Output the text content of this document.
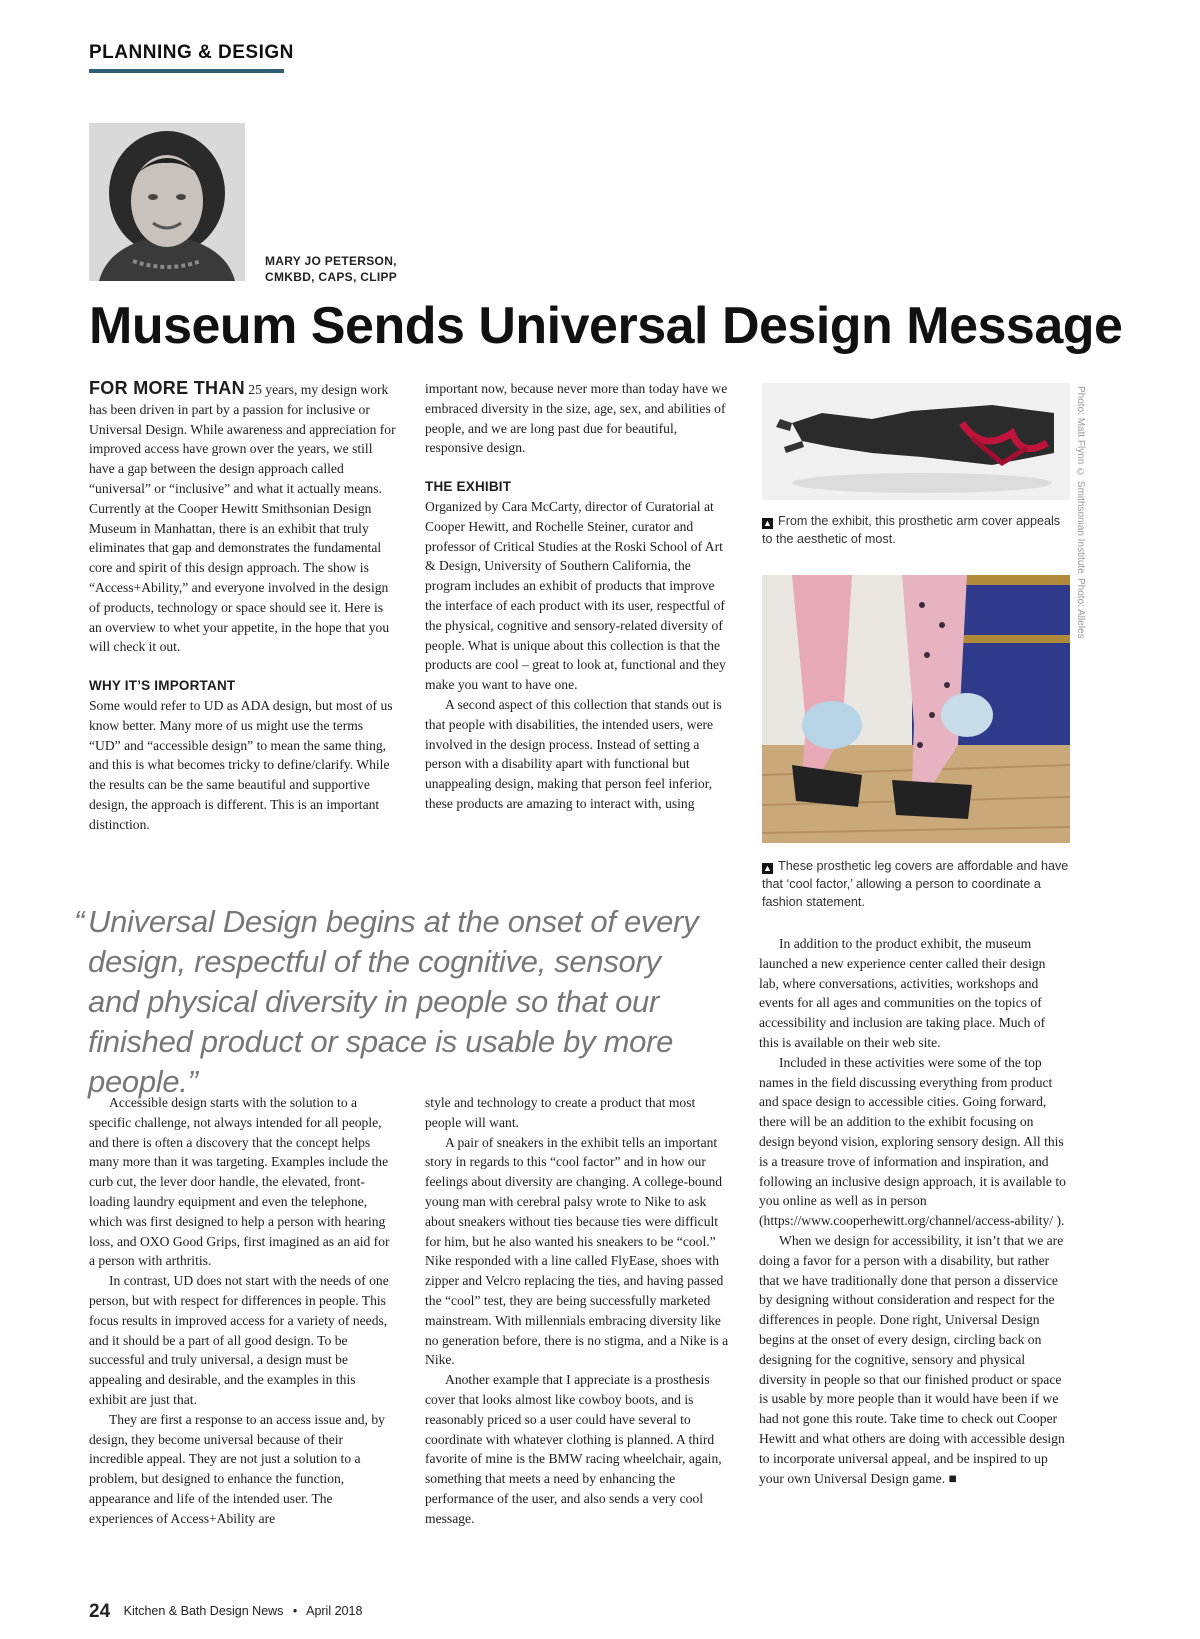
PLANNING & DESIGN
MARY JO PETERSON,
CMKBD, CAPS, CLIPP
Museum Sends Universal Design Message

FOR MORE THAN 25 years, my design work has been driven in part by a passion for inclusive or Universal Design. While awareness and appreciation for improved access have grown over the years, we still have a gap between the design approach called “universal” or “inclusive” and what it actually means. Currently at the Cooper Hewitt Smithsonian Design Museum in Manhattan, there is an exhibit that truly eliminates that gap and demonstrates the fundamental core and spirit of this design approach. The show is “Access+Ability,” and everyone involved in the design of products, technology or space should see it. Here is an overview to whet your appetite, in the hope that you will check it out.

WHY IT’S IMPORTANT

Some would refer to UD as ADA design, but most of us know better. Many more of us might use the terms “UD” and “accessible design” to mean the same thing, and this is what becomes tricky to define/clarify. While the results can be the same beautiful and supportive design, the approach is different. This is an important distinction.

important now, because never more than today have we embraced diversity in the size, age, sex, and abilities of people, and we are long past due for beautiful, responsive design.

THE EXHIBIT

Organized by Cara McCarty, director of Curatorial at Cooper Hewitt, and Rochelle Steiner, curator and professor of Critical Studies at the Roski School of Art & Design, University of Southern California, the program includes an exhibit of products that improve the interface of each product with its user, respectful of the physical, cognitive and sensory-related diversity of people. What is unique about this collection is that the products are cool – great to look at, functional and they make you want to have one.

A second aspect of this collection that stands out is that people with disabilities, the intended users, were involved in the design process. Instead of setting a person with a disability apart with functional but unappealing design, making that person feel inferior, these products are amazing to interact with, using

Photo: Matt Flynn © Smithsonian Institute
▲ From the exhibit, this prosthetic arm cover appeals to the aesthetic of most.
Photo: Alleles
▲ These prosthetic leg covers are affordable and have that ‘cool factor,’ allowing a person to coordinate a fashion statement.
“ Universal Design begins at the onset of every design, respectful of the cognitive, sensory and physical diversity in people so that our finished product or space is usable by more people.”

Accessible design starts with the solution to a specific challenge, not always intended for all people, and there is often a discovery that the concept helps many more than it was targeting. Examples include the curb cut, the lever door handle, the elevated, front-loading laundry equipment and even the telephone, which was first designed to help a person with hearing loss, and OXO Good Grips, first imagined as an aid for a person with arthritis.

In contrast, UD does not start with the needs of one person, but with respect for differences in people. This focus results in improved access for a variety of needs, and it should be a part of all good design. To be successful and truly universal, a design must be appealing and desirable, and the examples in this exhibit are just that.

They are first a response to an access issue and, by design, they become universal because of their incredible appeal. They are not just a solution to a problem, but designed to enhance the function, appearance and life of the intended user. The experiences of Access+Ability are

style and technology to create a product that most people will want.

A pair of sneakers in the exhibit tells an important story in regards to this “cool factor” and in how our feelings about diversity are changing. A college-bound young man with cerebral palsy wrote to Nike to ask about sneakers without ties because ties were difficult for him, but he also wanted his sneakers to be “cool.” Nike responded with a line called FlyEase, shoes with zipper and Velcro replacing the ties, and having passed the “cool” test, they are being successfully marketed mainstream. With millennials embracing diversity like no generation before, there is no stigma, and a Nike is a Nike.

Another example that I appreciate is a prosthesis cover that looks almost like cowboy boots, and is reasonably priced so a user could have several to coordinate with whatever clothing is planned. A third favorite of mine is the BMW racing wheelchair, again, something that meets a need by enhancing the performance of the user, and also sends a very cool message.

In addition to the product exhibit, the museum launched a new experience center called their design lab, where conversations, activities, workshops and events for all ages and communities on the topics of accessibility and inclusion are taking place. Much of this is available on their web site.

Included in these activities were some of the top names in the field discussing everything from product and space design to accessible cities. Going forward, there will be an addition to the exhibit focusing on design beyond vision, exploring sensory design. All this is a treasure trove of information and inspiration, and following an inclusive design approach, it is available to you online as well as in person (https://www.cooperhewitt.org/channel/access-ability/ ).

When we design for accessibility, it isn’t that we are doing a favor for a person with a disability, but rather that we have traditionally done that person a disservice by designing without consideration and respect for the differences in people. Done right, Universal Design begins at the onset of every design, circling back on designing for the cognitive, sensory and physical diversity in people so that our finished product or space is usable by more people than it would have been if we had not gone this route. Take time to check out Cooper Hewitt and what others are doing with accessible design to incorporate universal appeal, and be inspired to up your own Universal Design game. ■

24 Kitchen & Bath Design News • April 2018
